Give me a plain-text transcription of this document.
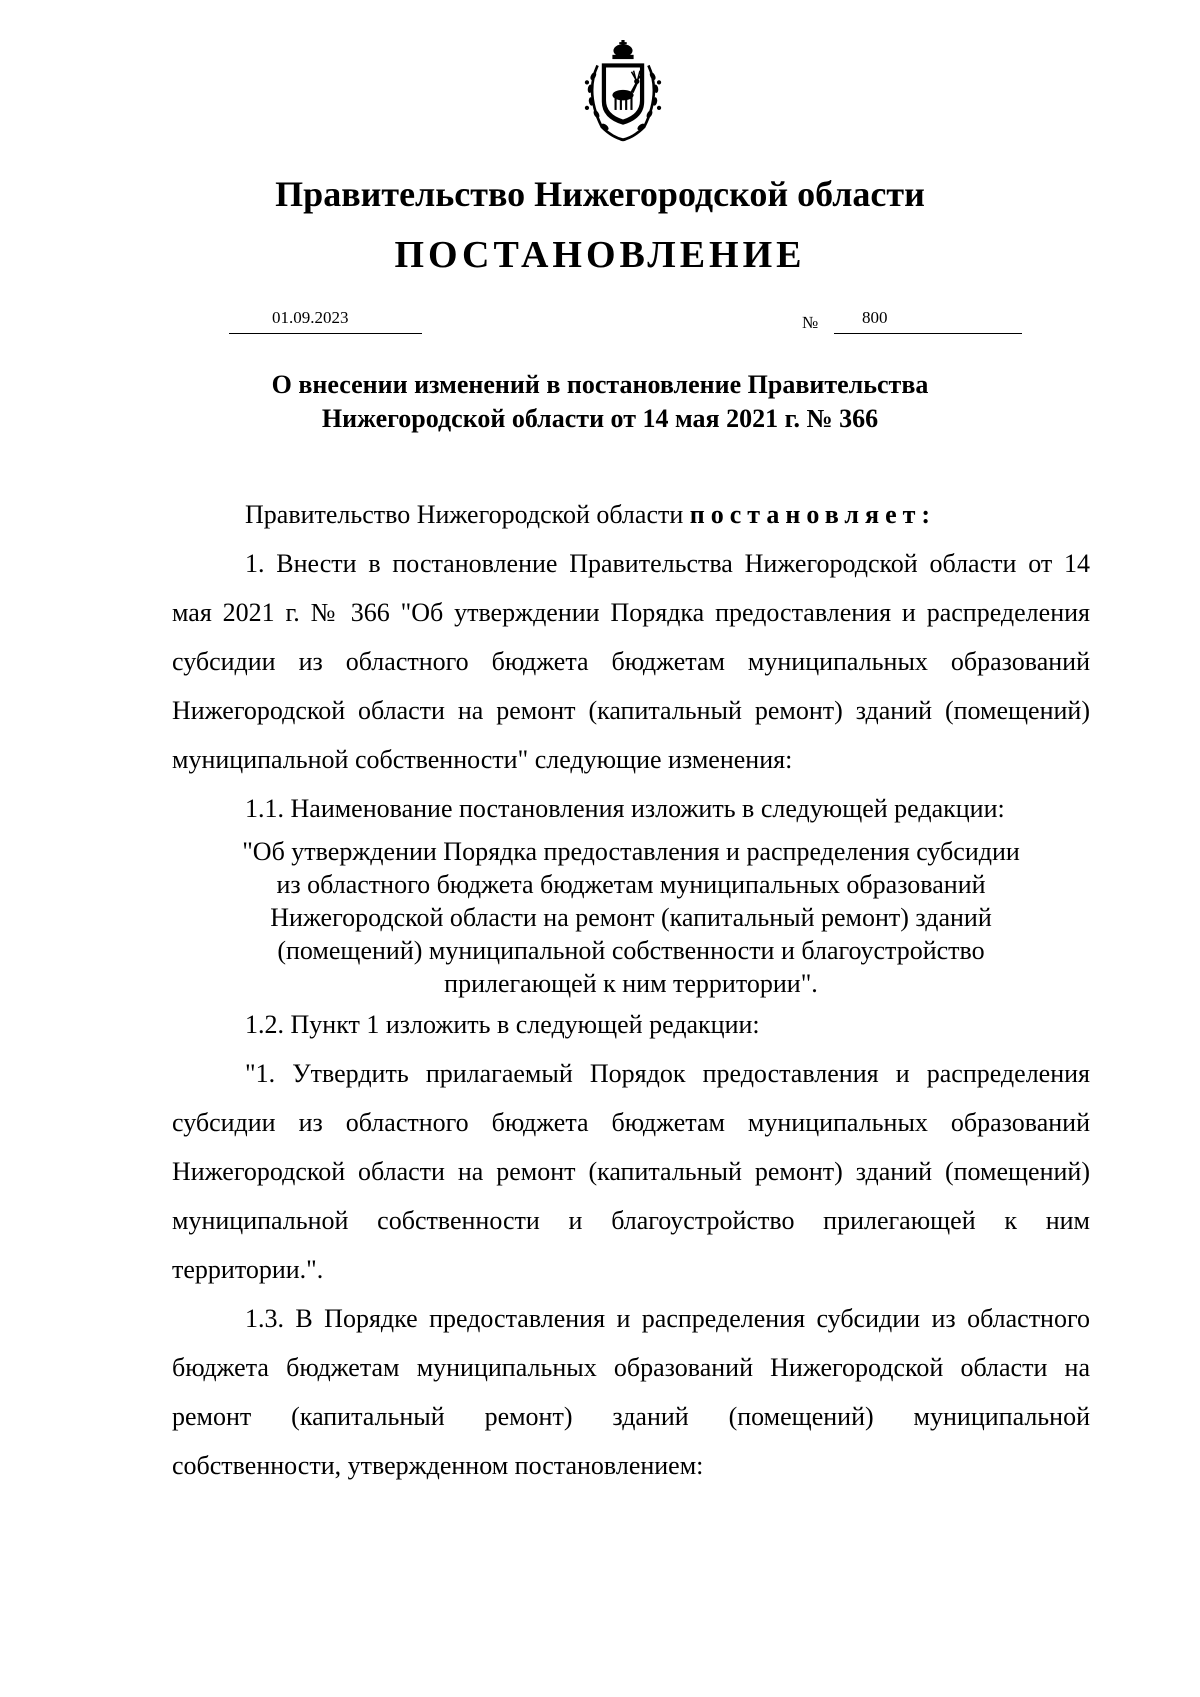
Правительство Нижегородской области
ПОСТАНОВЛЕНИЕ
01.09.2023	№	800
О внесении изменений в постановление Правительства
Нижегородской области от 14 мая 2021 г. № 366

Правительство Нижегородской области постановляет:

1. Внести в постановление Правительства Нижегородской области от 14 мая 2021 г. № 366 "Об утверждении Порядка предоставления и распределения субсидии из областного бюджета бюджетам муниципальных образований Нижегородской области на ремонт (капитальный ремонт) зданий (помещений) муниципальной собственности" следующие изменения:

1.1. Наименование постановления изложить в следующей редакции:

"Об утверждении Порядка предоставления и распределения субсидии
из областного бюджета бюджетам муниципальных образований
Нижегородской области на ремонт (капитальный ремонт) зданий
(помещений) муниципальной собственности и благоустройство
прилегающей к ним территории".

1.2. Пункт 1 изложить в следующей редакции:

"1. Утвердить прилагаемый Порядок предоставления и распределения субсидии из областного бюджета бюджетам муниципальных образований Нижегородской области на ремонт (капитальный ремонт) зданий (помещений) муниципальной собственности и благоустройство прилегающей к ним территории.".

1.3. В Порядке предоставления и распределения субсидии из областного бюджета бюджетам муниципальных образований Нижегородской области на ремонт (капитальный ремонт) зданий (помещений) муниципальной собственности, утвержденном постановлением:
